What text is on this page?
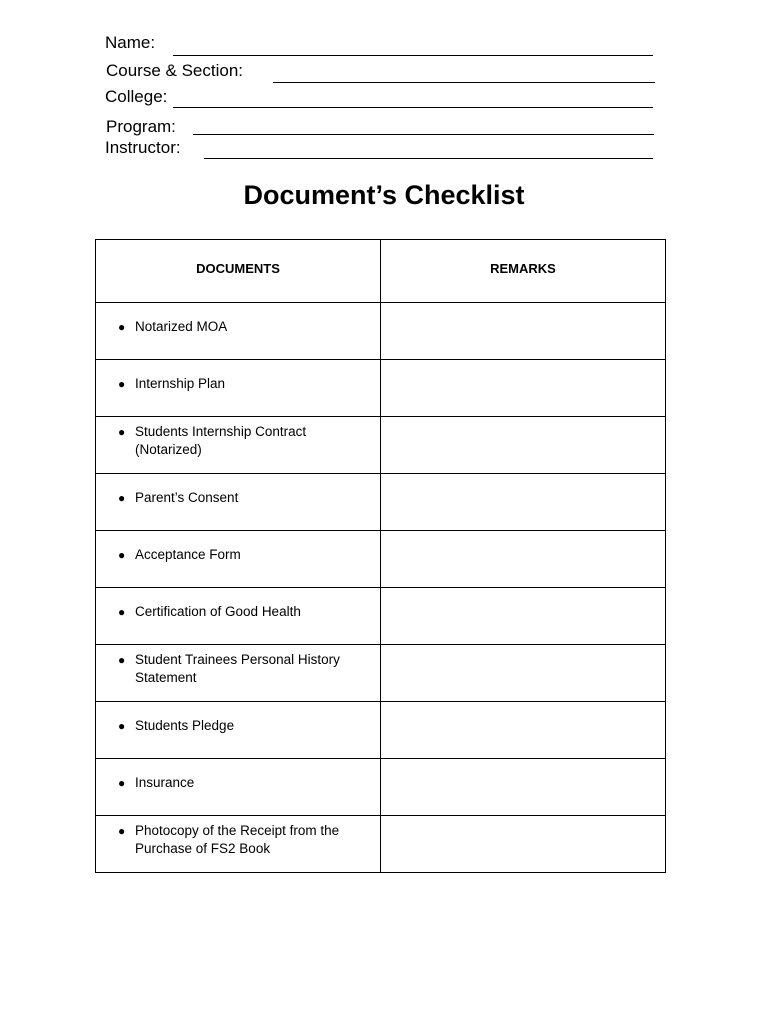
Name:
Course & Section:
College:
Program:
Instructor:
Document’s Checklist
DOCUMENTS	REMARKS

● Notarized MOA	

● Internship Plan	

● Students Internship Contract (Notarized)	

● Parent’s Consent	

● Acceptance Form	

● Certification of Good Health	

● Student Trainees Personal History Statement	

● Students Pledge	

● Insurance	

● Photocopy of the Receipt from the Purchase of FS2 Book	
